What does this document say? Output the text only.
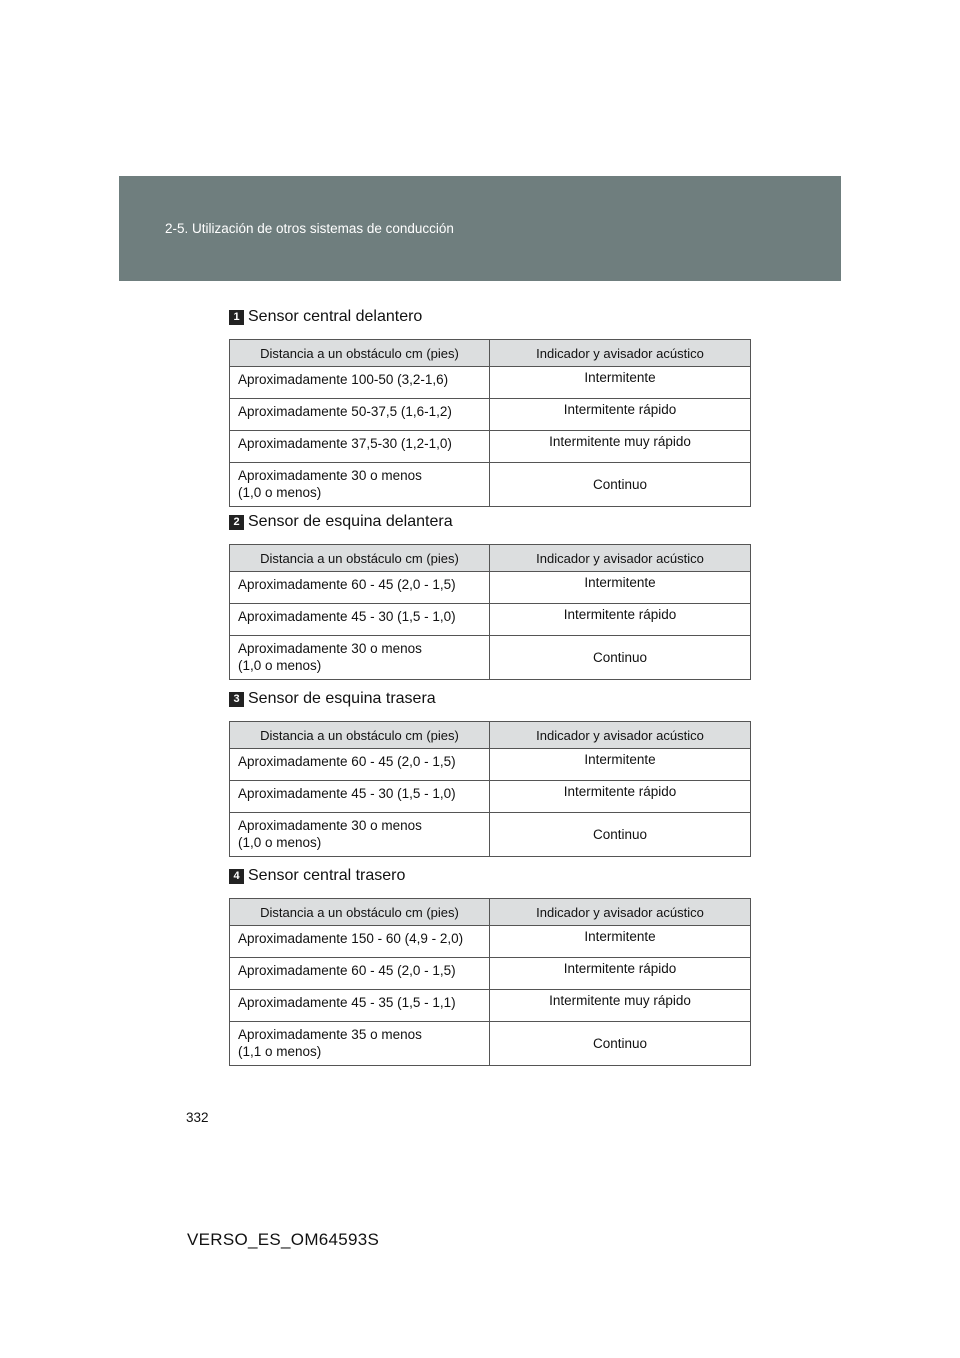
2-5. Utilización de otros sistemas de conducción
1 Sensor central delantero
Distancia a un obstáculo cm (pies)	Indicador y avisador acústico
Aproximadamente 100-50 (3,2-1,6)	Intermitente
Aproximadamente 50-37,5 (1,6-1,2)	Intermitente rápido
Aproximadamente 37,5-30 (1,2-1,0)	Intermitente muy rápido
Aproximadamente 30 o menos
(1,0 o menos)	Continuo
2 Sensor de esquina delantera
Distancia a un obstáculo cm (pies)	Indicador y avisador acústico
Aproximadamente 60 - 45 (2,0 - 1,5)	Intermitente
Aproximadamente 45 - 30 (1,5 - 1,0)	Intermitente rápido
Aproximadamente 30 o menos
(1,0 o menos)	Continuo
3 Sensor de esquina trasera
Distancia a un obstáculo cm (pies)	Indicador y avisador acústico
Aproximadamente 60 - 45 (2,0 - 1,5)	Intermitente
Aproximadamente 45 - 30 (1,5 - 1,0)	Intermitente rápido
Aproximadamente 30 o menos
(1,0 o menos)	Continuo
4 Sensor central trasero
Distancia a un obstáculo cm (pies)	Indicador y avisador acústico
Aproximadamente 150 - 60 (4,9 - 2,0)	Intermitente
Aproximadamente 60 - 45 (2,0 - 1,5)	Intermitente rápido
Aproximadamente 45 - 35 (1,5 - 1,1)	Intermitente muy rápido
Aproximadamente 35 o menos
(1,1 o menos)	Continuo
332
VERSO_ES_OM64593S
